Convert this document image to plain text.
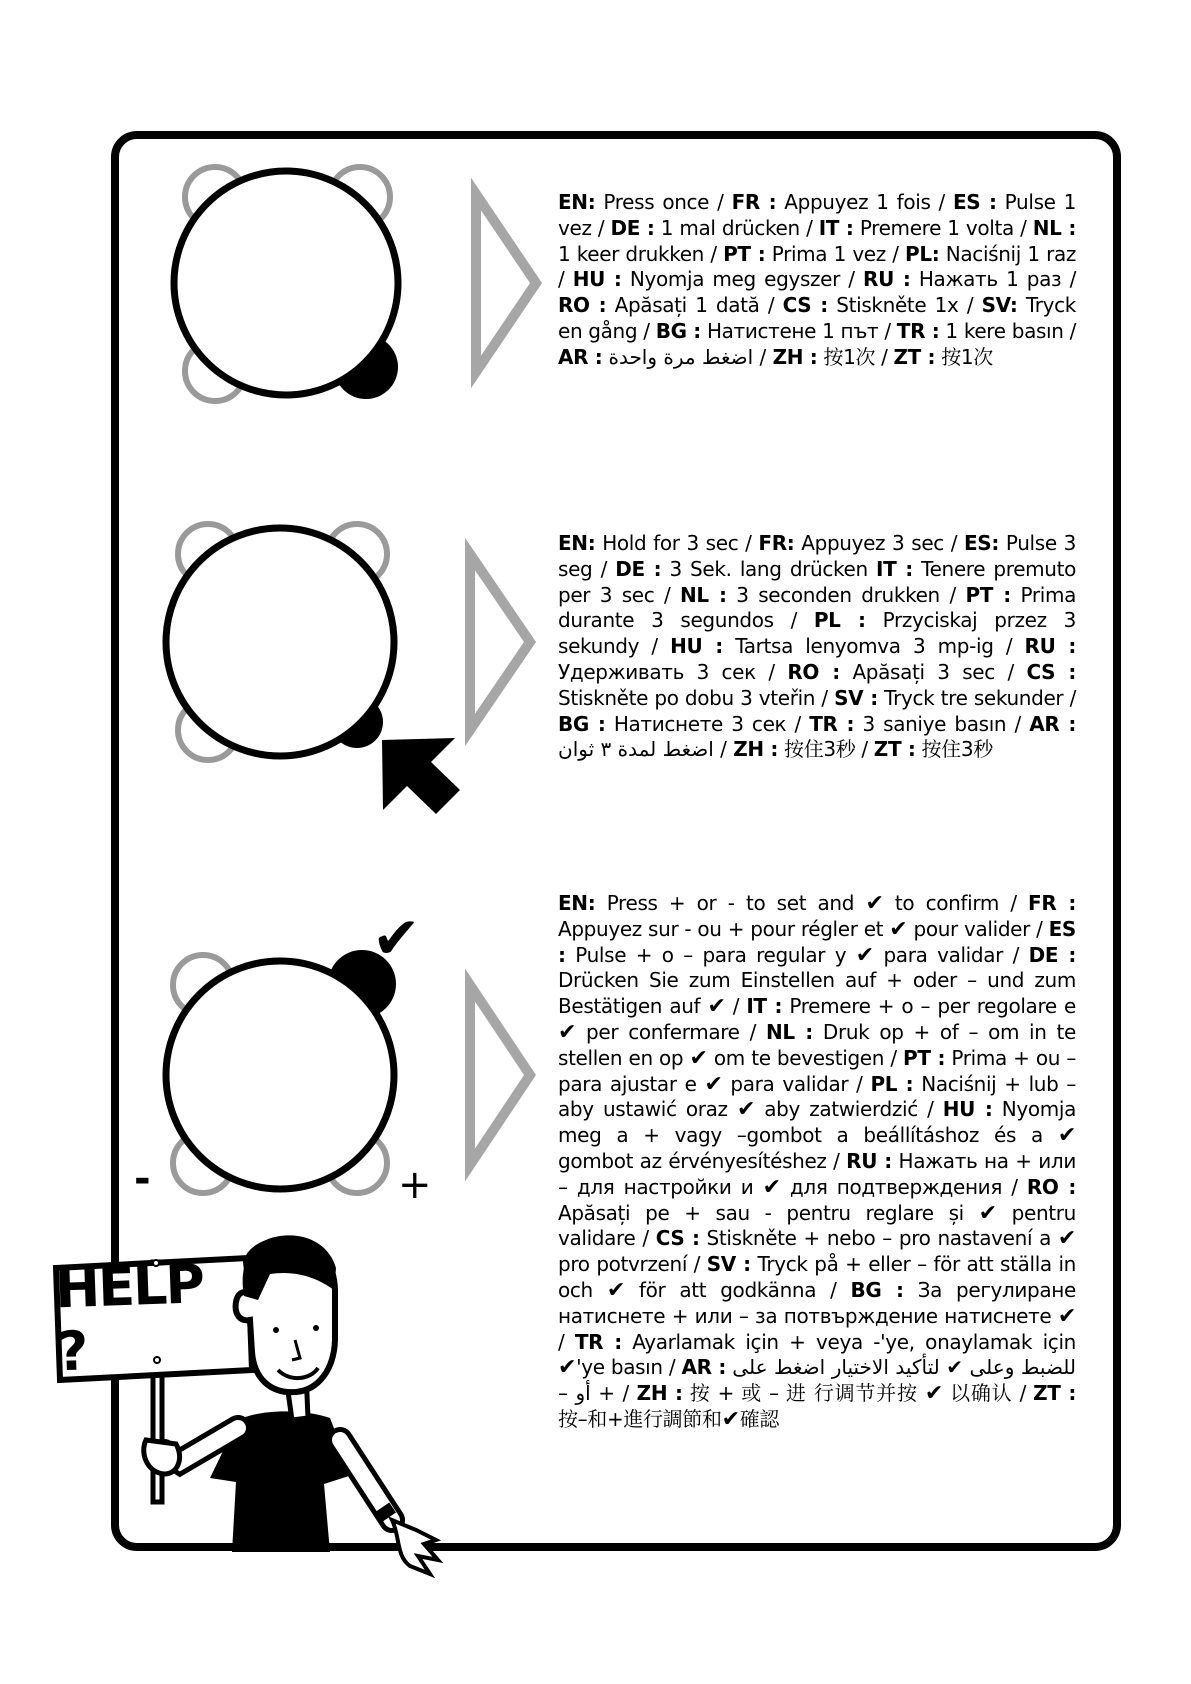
✔
-	+
HELP ?
EN: Press once / FR : Appuyez 1 fois / ES : Pulse 1 vez / DE : 1 mal drücken / IT : Premere 1 volta / NL : 1 keer drukken / PT : Prima 1 vez / PL: Naciśnij 1 raz / HU : Nyomja meg egyszer / RU : Нажать 1 раз / RO : Apăsați 1 dată / CS : Stiskněte 1x / SV: Tryck en gång / BG : Натистене 1 път / TR : 1 kere basın / AR : اضغط مرة واحدة / ZH : 按1次 / ZT : 按1次
EN: Hold for 3 sec / FR: Appuyez 3 sec / ES: Pulse 3 seg / DE : 3 Sek. lang drücken IT : Tenere premuto per 3 sec / NL : 3 seconden drukken / PT : Prima durante 3 segundos / PL : Przyciskaj przez 3 sekundy / HU : Tartsa lenyomva 3 mp-ig / RU : Удерживать 3 сек / RO : Apăsați 3 sec / CS : Stiskněte po dobu 3 vteřin / SV : Tryck tre sekunder / BG : Натиснете 3 сек / TR : 3 saniye basın / AR : اضغط لمدة ٣ ثوان / ZH : 按住3秒 / ZT : 按住3秒
EN: Press + or - to set and ✔ to confirm / FR : Appuyez sur - ou + pour régler et ✔ pour valider / ES : Pulse + o – para regular y ✔ para validar / DE : Drücken Sie zum Einstellen auf + oder – und zum Bestätigen auf ✔ / IT : Premere + o – per regolare e ✔ per confermare / NL : Druk op + of – om in te stellen en op ✔ om te bevestigen / PT : Prima + ou – para ajustar e ✔ para validar / PL : Naciśnij + lub – aby ustawić oraz ✔ aby zatwierdzić / HU : Nyomja meg a + vagy –gombot a beállításhoz és a ✔ gombot az érvényesítéshez / RU : Нажать на + или – для настройки и ✔ для подтверждения / RO : Apăsați pe + sau - pentru reglare și ✔ pentru validare / CS : Stiskněte + nebo – pro nastavení a ✔ pro potvrzení / SV : Tryck på + eller – för att ställa in och ✔ för att godkänna / BG : За регулиране натиснете + или – за потвърждение натиснете ✔ / TR : Ayarlamak için + veya -'ye, onaylamak için ✔'ye basın / AR : للضبط وعلى ✔ لتأكيد الاختيار اضغط على + أو – / ZH : 按 + 或 – 进 行调节并按 ✔ 以确认 / ZT : 按–和+進行調節和✔確認
